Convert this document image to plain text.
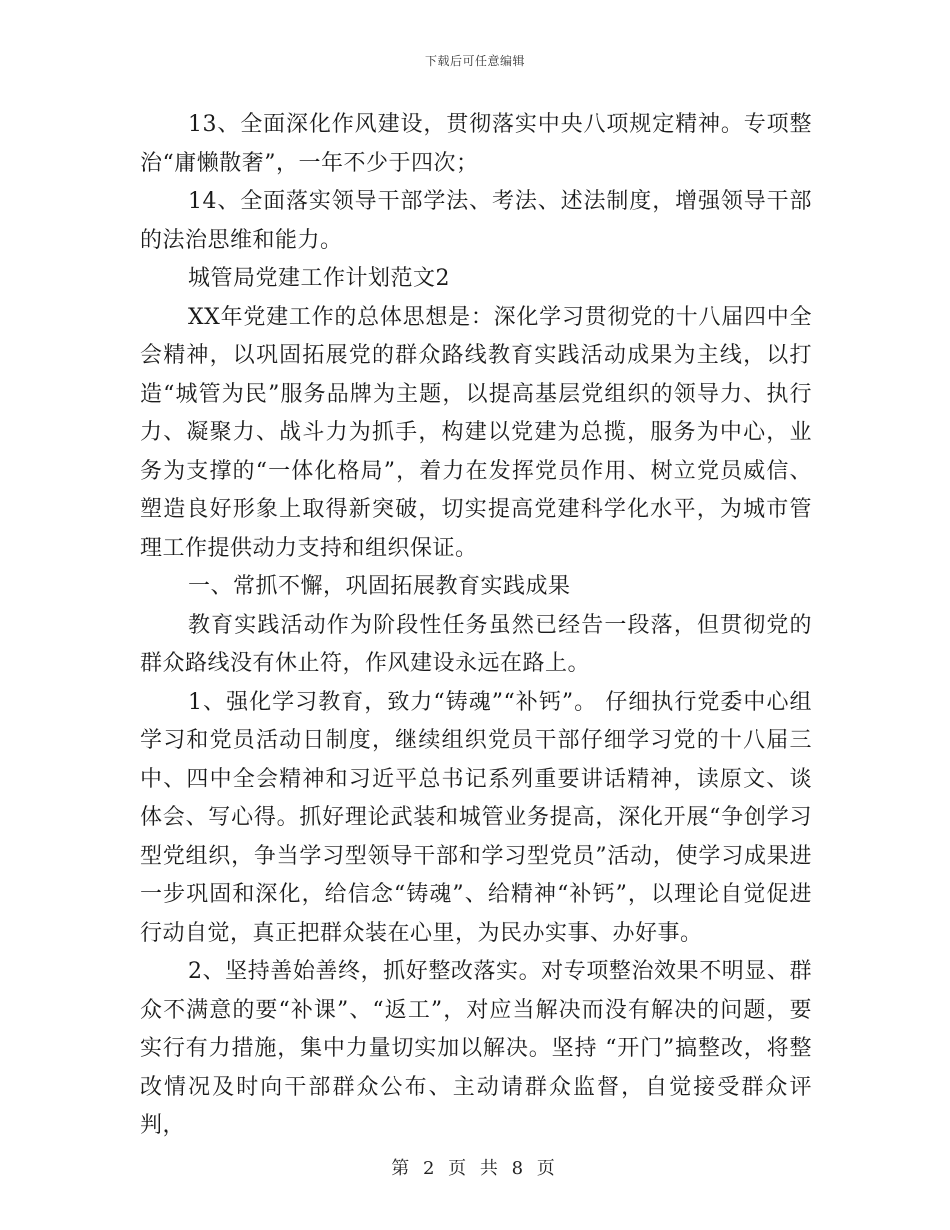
下载后可任意编辑

13、全面深化作风建设，贯彻落实中央八项规定精神。专项整治“庸懒散奢”，一年不少于四次；

14、全面落实领导干部学法、考法、述法制度，增强领导干部的法治思维和能力。

城管局党建工作计划范文2

XX年党建工作的总体思想是：深化学习贯彻党的十八届四中全会精神，以巩固拓展党的群众路线教育实践活动成果为主线，以打造“城管为民”服务品牌为主题，以提高基层党组织的领导力、执行力、凝聚力、战斗力为抓手，构建以党建为总揽，服务为中心，业务为支撑的“一体化格局”，着力在发挥党员作用、树立党员威信、塑造良好形象上取得新突破，切实提高党建科学化水平，为城市管理工作提供动力支持和组织保证。

一、常抓不懈，巩固拓展教育实践成果

教育实践活动作为阶段性任务虽然已经告一段落，但贯彻党的群众路线没有休止符，作风建设永远在路上。

1、强化学习教育，致力“铸魂”“补钙”。 仔细执行党委中心组学习和党员活动日制度，继续组织党员干部仔细学习党的十八届三中、四中全会精神和习近平总书记系列重要讲话精神，读原文、谈体会、写心得。抓好理论武装和城管业务提高，深化开展“争创学习型党组织，争当学习型领导干部和学习型党员”活动，使学习成果进一步巩固和深化，给信念“铸魂”、给精神“补钙”，以理论自觉促进行动自觉，真正把群众装在心里，为民办实事、办好事。

2、坚持善始善终，抓好整改落实。对专项整治效果不明显、群众不满意的要“补课”、“返工”，对应当解决而没有解决的问题，要实行有力措施，集中力量切实加以解决。坚持 “开门”搞整改，将整改情况及时向干部群众公布、主动请群众监督，自觉接受群众评判，

第 2 页 共 8 页
